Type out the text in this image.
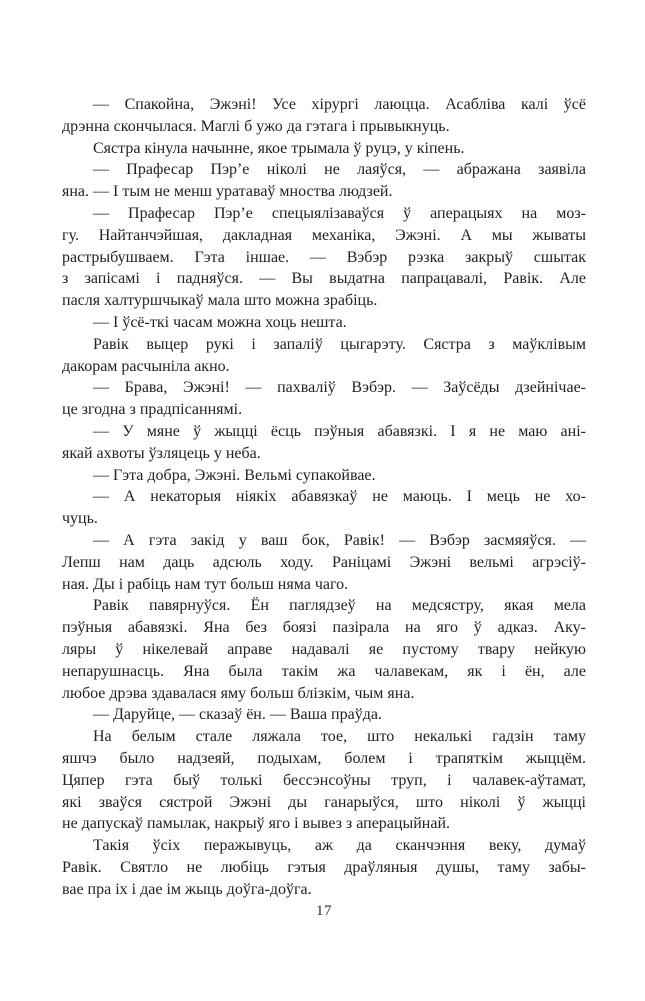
— Спакойна, Эжэні! Усе хірургі лаюцца. Асабліва калі ўсё
дрэнна скончылася. Маглі б ужо да гэтага і прывыкнуць.
Сястра кінула начынне, якое трымала ў руцэ, у кіпень.
— Прафесар Пэр’е ніколі не лаяўся, — абражана заявіла
яна. — І тым не менш уратаваў мноства людзей.
— Прафесар Пэр’е спецыялізаваўся ў аперацыях на моз-
гу. Найтанчэйшая, дакладная механіка, Эжэні. А мы жываты
растрыбушваем. Гэта іншае. — Вэбэр рэзка закрыў сшытак
з запісамі і падняўся. — Вы выдатна папрацавалі, Равік. Але
пасля халтуршчыкаў мала што можна зрабіць.
— І ўсё-ткі часам можна хоць нешта.
Равік выцер рукі і запаліў цыгарэту. Сястра з маўклівым
дакорам расчыніла акно.
— Брава, Эжэні! — пахваліў Вэбэр. — Заўсёды дзейнічае-
це згодна з прадпісаннямі.
— У мяне ў жыцці ёсць пэўныя абавязкі. І я не маю ані-
якай ахвоты ўзляцець у неба.
— Гэта добра, Эжэні. Вельмі супакойвае.
— А некаторыя ніякіх абавязкаў не маюць. І мець не хо-
чуць.
— А гэта закід у ваш бок, Равік! — Вэбэр засмяяўся. —
Лепш нам даць адсюль ходу. Раніцамі Эжэні вельмі агрэсіў-
ная. Ды і рабіць нам тут больш няма чаго.
Равік павярнуўся. Ён паглядзеў на медсястру, якая мела
пэўныя абавязкі. Яна без боязі пазірала на яго ў адказ. Аку-
ляры ў нікелевай аправе надавалі яе пустому твару нейкую
непарушнасць. Яна была такім жа чалавекам, як і ён, але
любое дрэва здавалася яму больш блізкім, чым яна.
— Даруйце, — сказаў ён. — Ваша праўда.
На белым стале ляжала тое, што некалькі гадзін таму
яшчэ было надзеяй, подыхам, болем і трапяткім жыццём.
Цяпер гэта быў толькі бессэнсоўны труп, і чалавек-аўтамат,
які зваўся сястрой Эжэні ды ганарыўся, што ніколі ў жыцці
не дапускаў памылак, накрыў яго і вывез з аперацыйнай.
Такія ўсіх перажывуць, аж да сканчэння веку, думаў
Равік. Святло не любіць гэтыя драўляныя душы, таму забы-
вае пра іх і дае ім жыць доўга-доўга.
17
